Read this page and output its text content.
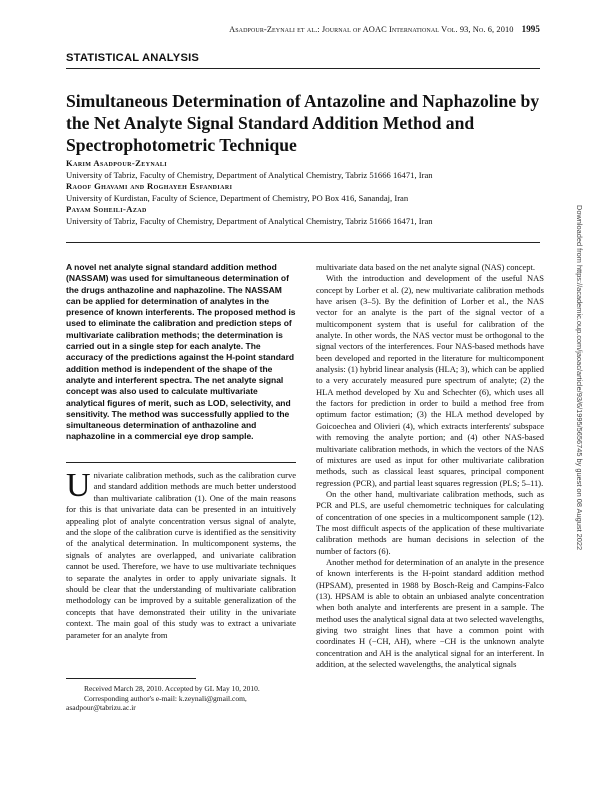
Asadpour-Zeynali et al.: Journal of AOAC International Vol. 93, No. 6, 2010 1995
STATISTICAL ANALYSIS
Simultaneous Determination of Antazoline and Naphazoline by the Net Analyte Signal Standard Addition Method and Spectrophotometric Technique
Karim Asadpour-Zeynali
University of Tabriz, Faculty of Chemistry, Department of Analytical Chemistry, Tabriz 51666 16471, Iran
Raoof Ghavami and Roghayeh Esfandiari
University of Kurdistan, Faculty of Science, Department of Chemistry, PO Box 416, Sanandaj, Iran
Payam Soheili-Azad
University of Tabriz, Faculty of Chemistry, Department of Analytical Chemistry, Tabriz 51666 16471, Iran

A novel net analyte signal standard addition method (NASSAM) was used for simultaneous determination of the drugs anthazoline and naphazoline. The NASSAM can be applied for determination of analytes in the presence of known interferents. The proposed method is used to eliminate the calibration and prediction steps of multivariate calibration methods; the determination is carried out in a single step for each analyte. The accuracy of the predictions against the H-point standard addition method is independent of the shape of the analyte and interferent spectra. The net analyte signal concept was also used to calculate multivariate analytical figures of merit, such as LOD, selectivity, and sensitivity. The method was successfully applied to the simultaneous determination of anthazoline and naphazoline in a commercial eye drop sample.

Univariate calibration methods, such as the calibration curve and standard addition methods are much better understood than multivariate calibration (1). One of the main reasons for this is that univariate data can be presented in an intuitively appealing plot of analyte concentration versus signal of analyte, and the slope of the calibration curve is identified as the sensitivity of the analytical determination. In multicomponent systems, the signals of analytes are overlapped, and univariate calibration cannot be used. Therefore, we have to use multivariate techniques to separate the analytes in order to apply univariate signals. It should be clear that the understanding of multivariate calibration methodology can be improved by a suitable generalization of the concepts that have demonstrated their utility in the univariate context. The main goal of this study was to extract a univariate parameter for an analyte from

Received March 28, 2010. Accepted by GL May 10, 2010.

Corresponding author's e-mail: k.zeynali@gmail.com,

asadpour@tabrizu.ac.ir

multivariate data based on the net analyte signal (NAS) concept.

With the introduction and development of the useful NAS concept by Lorber et al. (2), new multivariate calibration methods have arisen (3–5). By the definition of Lorber et al., the NAS vector for an analyte is the part of the signal vector of a multicomponent system that is useful for calibration of the analyte. In other words, the NAS vector must be orthogonal to the signal vectors of the interferences. Four NAS-based methods have been developed and reported in the literature for multicomponent analysis: (1) hybrid linear analysis (HLA; 3), which can be applied to a very accurately measured pure spectrum of analyte; (2) the HLA method developed by Xu and Schechter (6), which uses all the factors for prediction in order to build a method free from optimum factor estimation; (3) the HLA method developed by Goicoechea and Olivieri (4), which extracts interferents' subspace with removing the analyte portion; and (4) other NAS-based multivariate calibration methods, in which the vectors of the NAS of mixtures are used as input for other multivariate calibration methods, such as classical least squares, principal component regression (PCR), and partial least squares regression (PLS; 5–11).

On the other hand, multivariate calibration methods, such as PCR and PLS, are useful chemometric techniques for calculating of concentration of one species in a multicomponent sample (12). The most difficult aspects of the application of these multivariate calibration methods are human decisions in selection of the number of factors (6).

Another method for determination of an analyte in the presence of known interferents is the H-point standard addition method (HPSAM), presented in 1988 by Bosch-Reig and Campins-Falco (13). HPSAM is able to obtain an unbiased analyte concentration when both analyte and interferents are present in a sample. The method uses the analytical signal data at two selected wavelengths, giving two straight lines that have a common point with coordinates H (−CH, AH), where −CH is the unknown analyte concentration and AH is the analytical signal for an interferent. In addition, at the selected wavelengths, the analytical signals

Downloaded from https://academic.oup.com/jaoac/article/93/6/1995/5656745 by guest on 08 August 2022
